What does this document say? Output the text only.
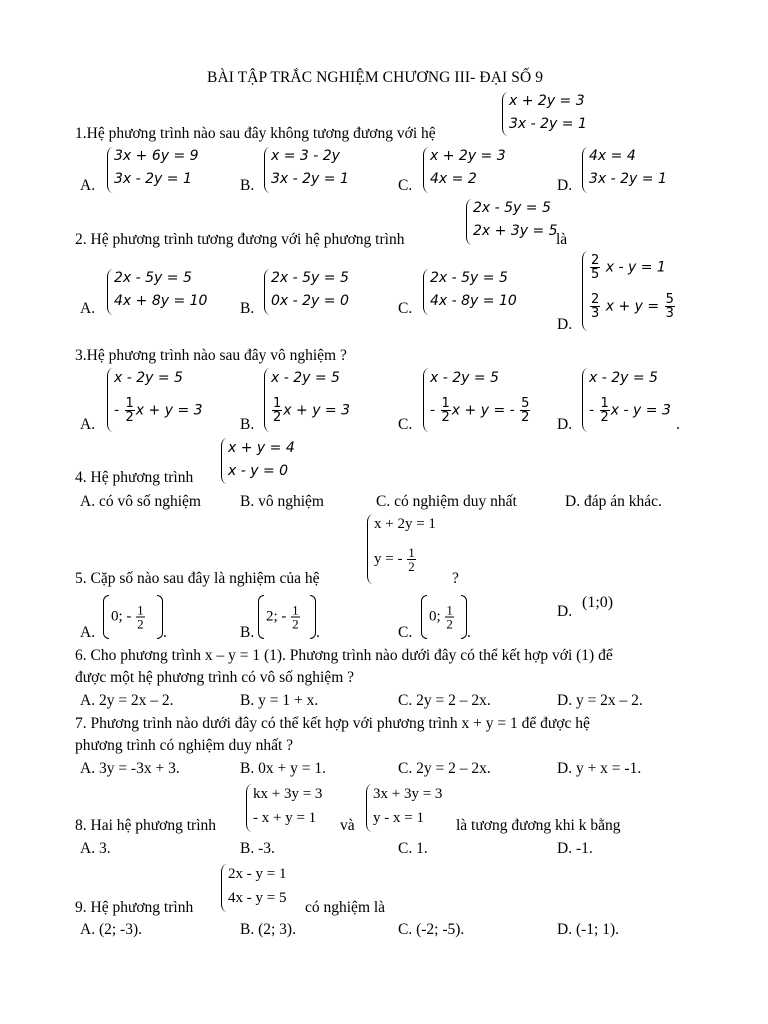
BÀI TẬP TRẮC NGHIỆM CHƯƠNG III- ĐẠI SỐ 9
1.Hệ phương trình nào sau đây không tương đương với hệ
x + 2y = 3
3x - 2y = 1
A.
3x + 6y = 9
3x - 2y = 1	B.
x = 3 - 2y
3x - 2y = 1	C.
x + 2y = 3
4x = 2	D.
4x = 4
3x - 2y = 1
2. Hệ phương trình tương đương với hệ phương trình
2x - 5y = 5
2x + 3y = 5
là
A.
2x - 5y = 5
4x + 8y = 10 B.
2x - 5y = 5
0x - 2y = 0	C.
2x - 5y = 5
4x - 8y = 10
D.
$\frac{2}{5}$ x - y = 1
$\frac{2}{3}$ $x + y = \frac{5}{3}$
3.Hệ phương trình nào sau đây vô nghiệm ?
A.
x - 2y = 5
- $\frac{1}{2}$ x + y = 3
B.
x - 2y = 5
$\frac{1}{2}$ x + y = 3
C.
x - 2y = 5
- $\frac{1}{2}$ x + y = - $\frac{5}{2}$
D.
x - 2y = 5
- $\frac{1}{2}$ x - y = 3
.
4. Hệ phương trình
x + y = 4
x - y = 0
A. có vô số nghiệm	B. vô nghiệm	C. có nghiệm duy nhất	D. đáp án khác.
5. Cặp số nào sau đây là nghiệm của hệ
x + 2y = 1
y = - $\frac{1}{2}$
?
A.
0; - $\frac{1}{2}$
.	B.
2; - $\frac{1}{2}$
.	C.
0; $\frac{1}{2}$
.
D.
(1;0)
6. Cho phương trình x – y = 1 (1). Phương trình nào dưới đây có thể kết hợp với (1) để
được một hệ phương trình có vô số nghiệm ?
A. 2y = 2x – 2.	B. y = 1 + x.	C. 2y = 2 – 2x.	D. y = 2x – 2.
7. Phương trình nào dưới đây có thể kết hợp với phương trình x + y = 1 để được hệ
phương trình có nghiệm duy nhất ?
A. 3y = -3x + 3.	B. 0x + y = 1.	C. 2y = 2 – 2x.	D. y + x = -1.
8. Hai hệ phương trình
kx + 3y = 3
- x + y = 1 và
3x + 3y = 3
y - x = 1 là tương đương khi k bằng
A. 3.	B. -3.	C. 1.	D. -1.
9. Hệ phương trình
2x - y = 1
4x - y = 5
có nghiệm là
A. (2; -3).	B. (2; 3).	C. (-2; -5).	D. (-1; 1).
